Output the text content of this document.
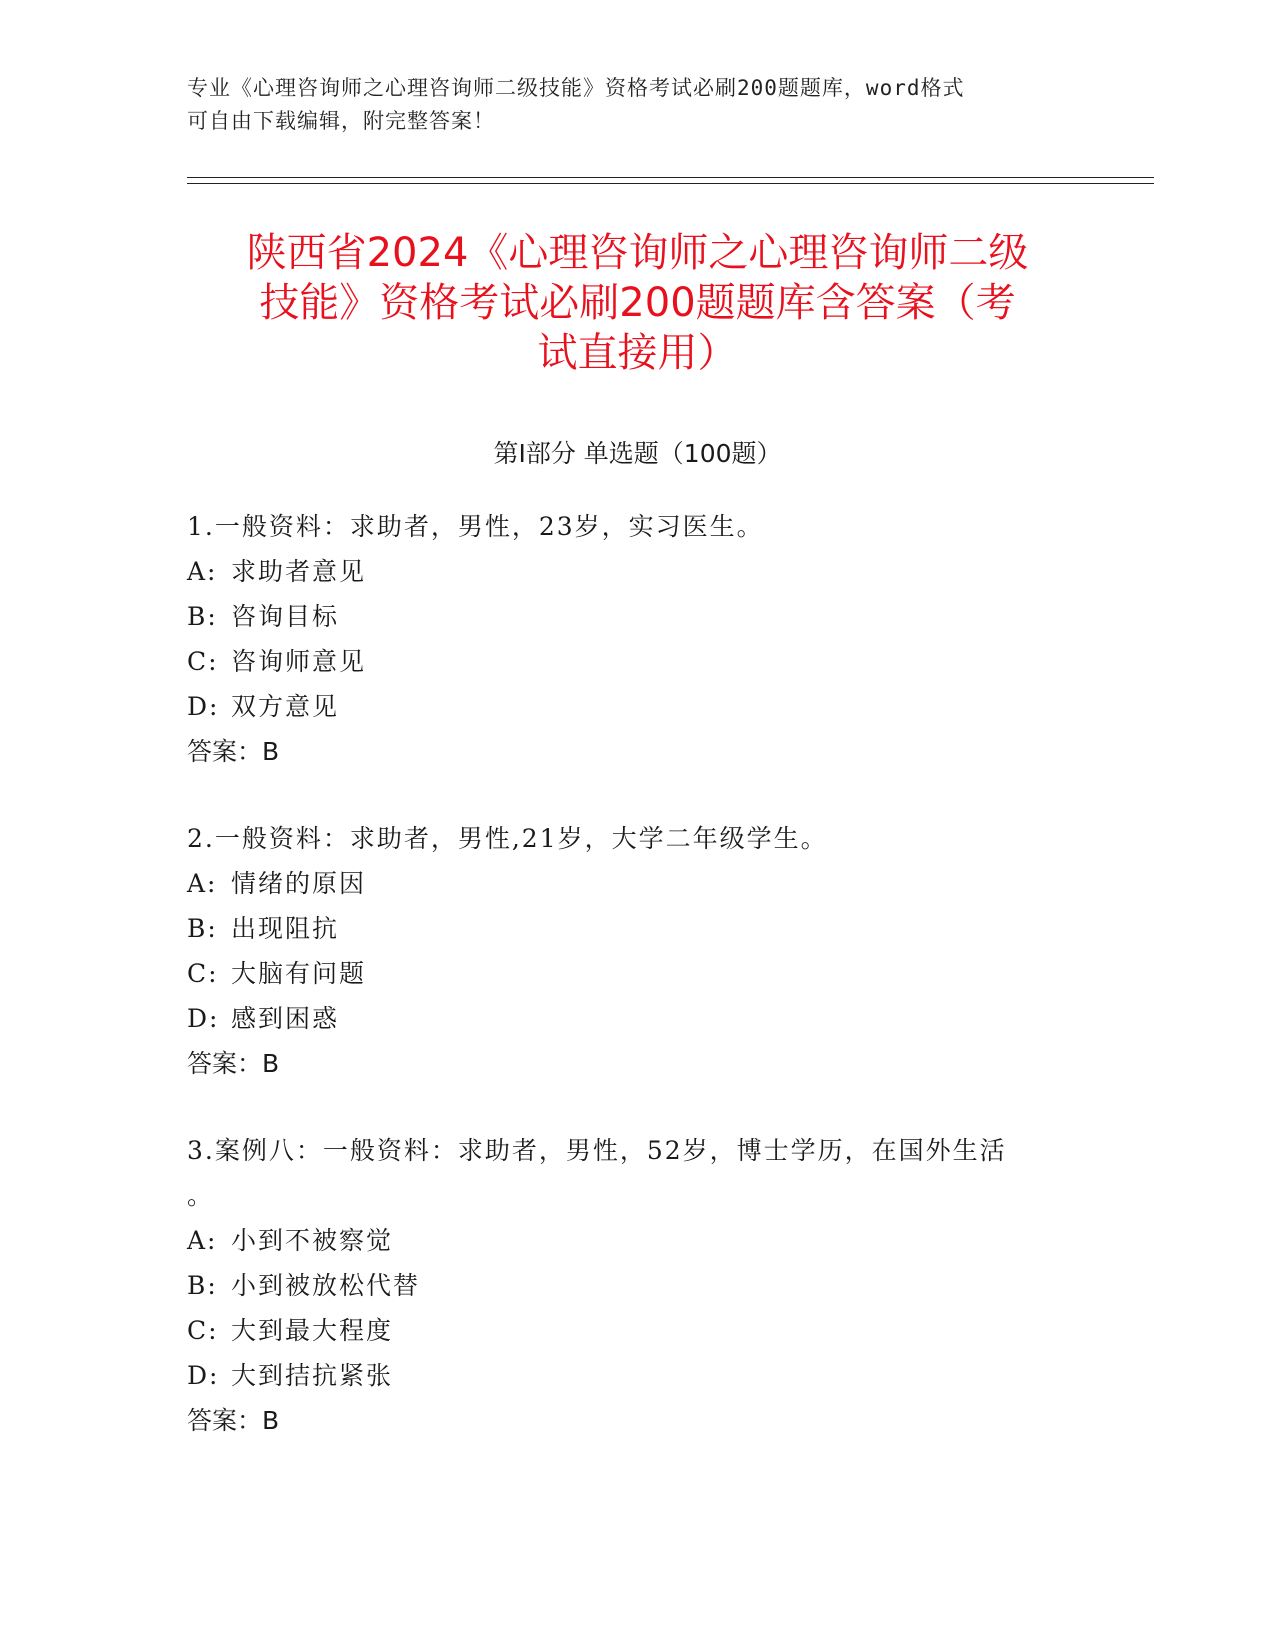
专业《心理咨询师之心理咨询师二级技能》资格考试必刷200题题库，word格式
可自由下载编辑，附完整答案！
陕西省2024《心理咨询师之心理咨询师二级
技能》资格考试必刷200题题库含答案（考
试直接用）
第Ⅰ部分 单选题（100题）
1.一般资料：求助者，男性，23岁，实习医生。
A: 求助者意见
B: 咨询目标
C: 咨询师意见
D: 双方意见
答案：B
2.一般资料：求助者，男性,21岁，大学二年级学生。
A: 情绪的原因
B: 出现阻抗
C: 大脑有问题
D: 感到困惑
答案：B
3.案例八：一般资料：求助者，男性，52岁，博士学历，在国外生活
。
A: 小到不被察觉
B: 小到被放松代替
C: 大到最大程度
D: 大到拮抗紧张
答案：B
